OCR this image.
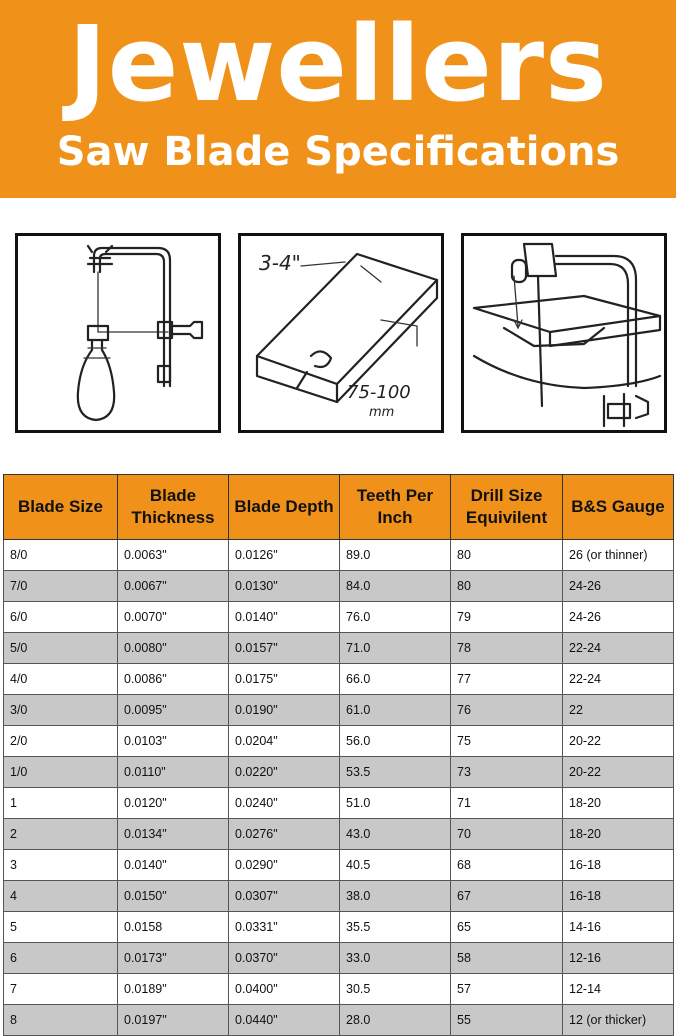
Jewellers
Saw Blade Specifications
3-4"
75-100
mm
Blade Size	Blade Thickness	Blade Depth	Teeth Per Inch	Drill Size Equivilent	B&S Gauge
8/0	0.0063"	0.0126"	89.0	80	26 (or thinner)
7/0	0.0067"	0.0130"	84.0	80	24-26
6/0	0.0070"	0.0140"	76.0	79	24-26
5/0	0.0080"	0.0157"	71.0	78	22-24
4/0	0.0086"	0.0175"	66.0	77	22-24
3/0	0.0095"	0.0190"	61.0	76	22
2/0	0.0103"	0.0204"	56.0	75	20-22
1/0	0.0110"	0.0220"	53.5	73	20-22
1	0.0120"	0.0240"	51.0	71	18-20
2	0.0134"	0.0276"	43.0	70	18-20
3	0.0140"	0.0290"	40.5	68	16-18
4	0.0150"	0.0307"	38.0	67	16-18
5	0.0158	0.0331"	35.5	65	14-16
6	0.0173"	0.0370"	33.0	58	12-16
7	0.0189"	0.0400"	30.5	57	12-14
8	0.0197"	0.0440"	28.0	55	12 (or thicker)
